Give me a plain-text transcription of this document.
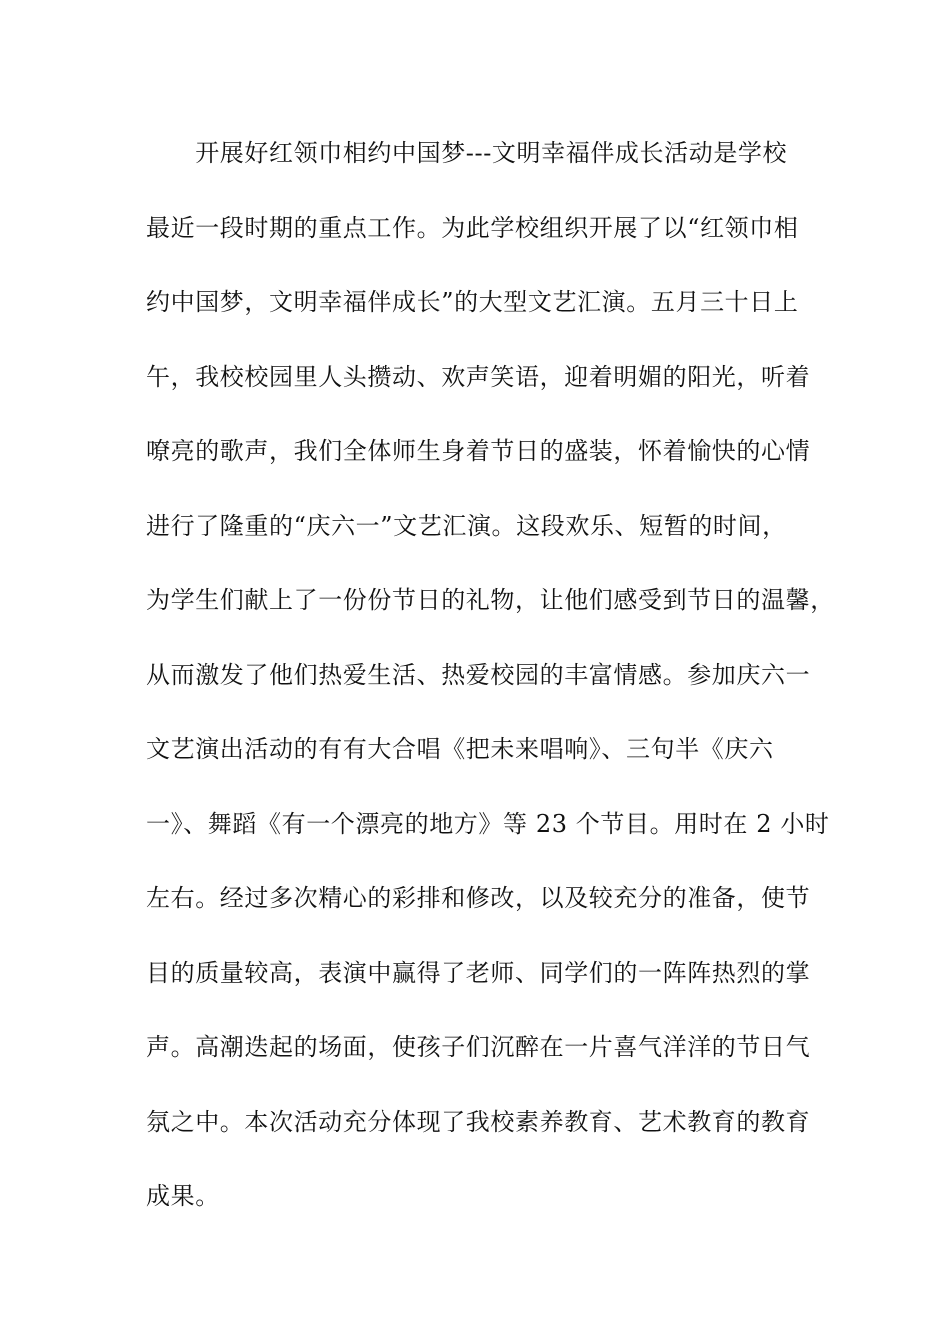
　　开展好红领巾相约中国梦---文明幸福伴成长活动是学校
最近一段时期的重点工作。为此学校组织开展了以“红领巾相
约中国梦，文明幸福伴成长”的大型文艺汇演。五月三十日上
午，我校校园里人头攒动、欢声笑语，迎着明媚的阳光，听着
嘹亮的歌声，我们全体师生身着节日的盛装，怀着愉快的心情
进行了隆重的“庆六一”文艺汇演。这段欢乐、短暂的时间，
为学生们献上了一份份节日的礼物，让他们感受到节日的温馨，
从而激发了他们热爱生活、热爱校园的丰富情感。参加庆六一
文艺演出活动的有有大合唱《把未来唱响》、三句半《庆六
一》、舞蹈《有一个漂亮的地方》等 23 个节目。用时在 2 小时
左右。经过多次精心的彩排和修改，以及较充分的准备，使节
目的质量较高，表演中赢得了老师、同学们的一阵阵热烈的掌
声。高潮迭起的场面，使孩子们沉醉在一片喜气洋洋的节日气
氛之中。本次活动充分体现了我校素养教育、艺术教育的教育
成果。
